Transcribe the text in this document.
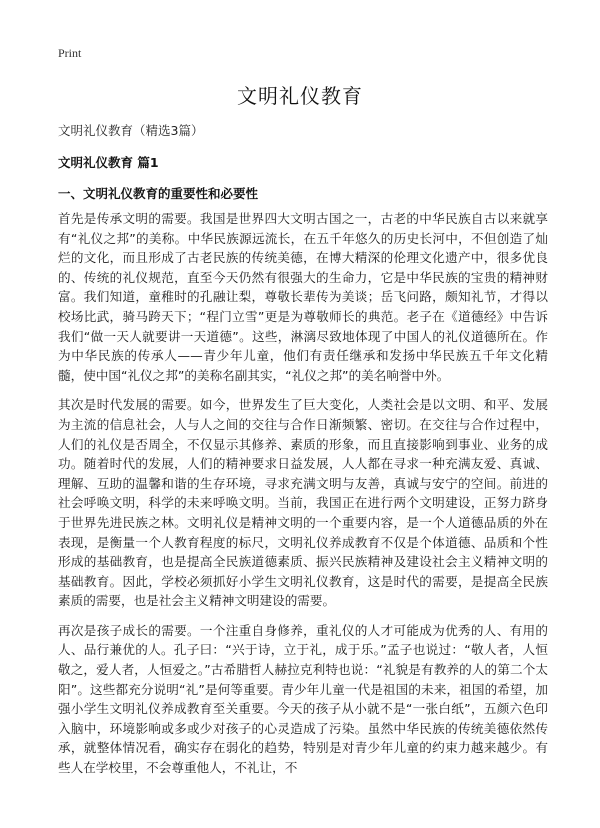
Print
文明礼仪教育
文明礼仪教育（精选3篇）
文明礼仪教育 篇1
一、文明礼仪教育的重要性和必要性

首先是传承文明的需要。我国是世界四大文明古国之一，古老的中华民族自古以来就享有“礼仪之邦”的美称。中华民族源远流长，在五千年悠久的历史长河中，不但创造了灿烂的文化，而且形成了古老民族的传统美德，在博大精深的伦理文化遗产中，很多优良的、传统的礼仪规范，直至今天仍然有很强大的生命力，它是中华民族的宝贵的精神财富。我们知道，童稚时的孔融让梨，尊敬长辈传为美谈；岳飞问路，颇知礼节，才得以校场比武，骑马跨天下；“程门立雪”更是为尊敬师长的典范。老子在《道德经》中告诉我们“做一天人就要讲一天道德”。这些，淋漓尽致地体现了中国人的礼仪道德所在。作为中华民族的传承人——青少年儿童，他们有责任继承和发扬中华民族五千年文化精髓，使中国“礼仪之邦”的美称名副其实，“礼仪之邦”的美名响誉中外。

其次是时代发展的需要。如今，世界发生了巨大变化，人类社会是以文明、和平、发展为主流的信息社会，人与人之间的交往与合作日渐频繁、密切。在交往与合作过程中，人们的礼仪是否周全，不仅显示其修养、素质的形象，而且直接影响到事业、业务的成功。随着时代的发展，人们的精神要求日益发展，人人都在寻求一种充满友爱、真诚、理解、互助的温馨和谐的生存环境，寻求充满文明与友善，真诚与安宁的空间。前进的社会呼唤文明，科学的未来呼唤文明。当前，我国正在进行两个文明建设，正努力跻身于世界先进民族之林。文明礼仪是精神文明的一个重要内容，是一个人道德品质的外在表现，是衡量一个人教育程度的标尺，文明礼仪养成教育不仅是个体道德、品质和个性形成的基础教育，也是提高全民族道德素质、振兴民族精神及建设社会主义精神文明的基础教育。因此，学校必须抓好小学生文明礼仪教育，这是时代的需要，是提高全民族素质的需要，也是社会主义精神文明建设的需要。

再次是孩子成长的需要。一个注重自身修养，重礼仪的人才可能成为优秀的人、有用的人、品行兼优的人。孔子曰：“兴于诗，立于礼，成于乐。”孟子也说过：“敬人者，人恒敬之，爱人者，人恒爱之。”古希腊哲人赫拉克利特也说：“礼貌是有教养的人的第二个太阳”。这些都充分说明“礼”是何等重要。青少年儿童一代是祖国的未来，祖国的希望，加强小学生文明礼仪养成教育至关重要。今天的孩子从小就不是“一张白纸”，五颜六色印入脑中，环境影响或多或少对孩子的心灵造成了污染。虽然中华民族的传统美德依然传承，就整体情况看，确实存在弱化的趋势，特别是对青少年儿童的约束力越来越少。有些人在学校里，不会尊重他人，不礼让，不
